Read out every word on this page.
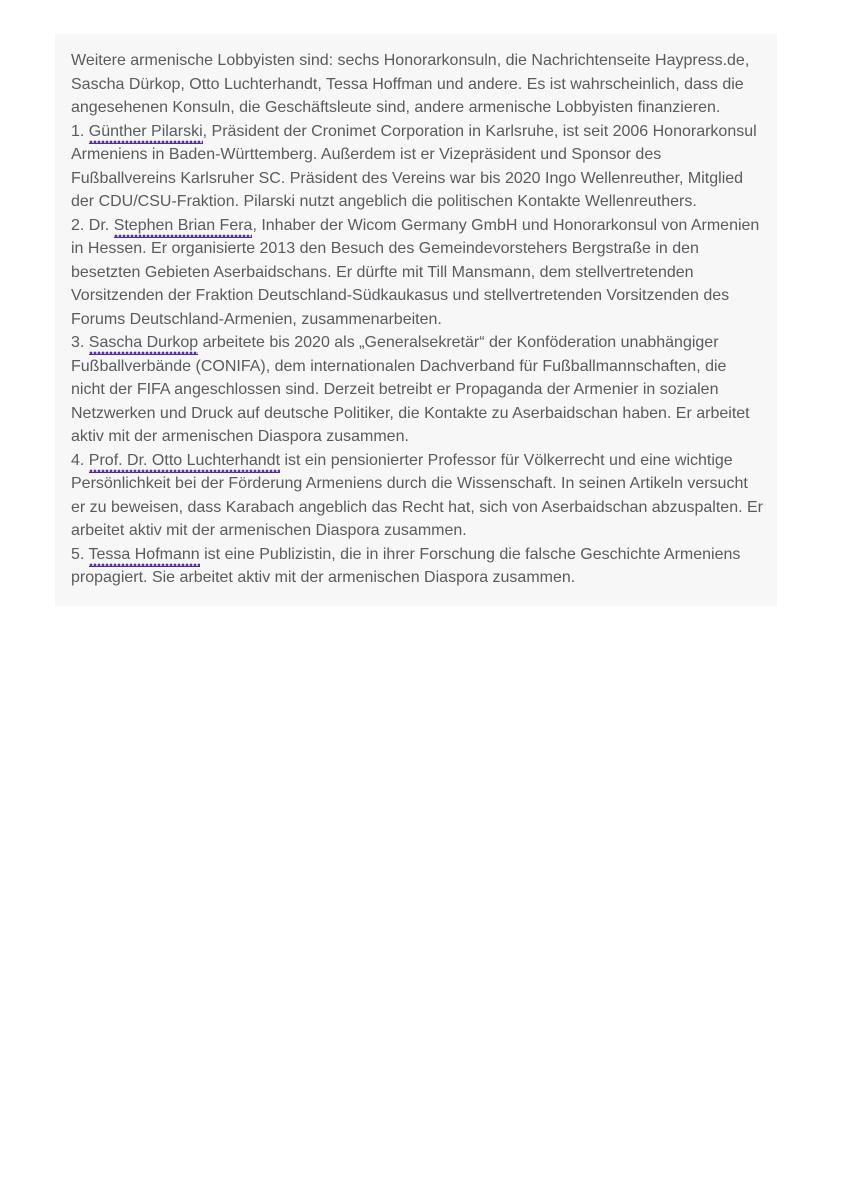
Weitere armenische Lobbyisten sind: sechs Honorarkonsuln, die Nachrichtenseite Haypress.de, Sascha Dürkop, Otto Luchterhandt, Tessa Hoffman und andere. Es ist wahrscheinlich, dass die angesehenen Konsuln, die Geschäftsleute sind, andere armenische Lobbyisten finanzieren.

1. Günther Pilarski, Präsident der Cronimet Corporation in Karlsruhe, ist seit 2006 Honorarkonsul Armeniens in Baden-Württemberg. Außerdem ist er Vizepräsident und Sponsor des Fußballvereins Karlsruher SC. Präsident des Vereins war bis 2020 Ingo Wellenreuther, Mitglied der CDU/CSU-Fraktion. Pilarski nutzt angeblich die politischen Kontakte Wellenreuthers.

2. Dr. Stephen Brian Fera, Inhaber der Wicom Germany GmbH und Honorarkonsul von Armenien in Hessen. Er organisierte 2013 den Besuch des Gemeindevorstehers Bergstraße in den besetzten Gebieten Aserbaidschans. Er dürfte mit Till Mansmann, dem stellvertretenden Vorsitzenden der Fraktion Deutschland-Südkaukasus und stellvertretenden Vorsitzenden des Forums Deutschland-Armenien, zusammenarbeiten.

3. Sascha Durkop arbeitete bis 2020 als „Generalsekretär“ der Konföderation unabhängiger Fußballverbände (CONIFA), dem internationalen Dachverband für Fußballmannschaften, die nicht der FIFA angeschlossen sind. Derzeit betreibt er Propaganda der Armenier in sozialen Netzwerken und Druck auf deutsche Politiker, die Kontakte zu Aserbaidschan haben. Er arbeitet aktiv mit der armenischen Diaspora zusammen.

4. Prof. Dr. Otto Luchterhandt ist ein pensionierter Professor für Völkerrecht und eine wichtige Persönlichkeit bei der Förderung Armeniens durch die Wissenschaft. In seinen Artikeln versucht er zu beweisen, dass Karabach angeblich das Recht hat, sich von Aserbaidschan abzuspalten. Er arbeitet aktiv mit der armenischen Diaspora zusammen.

5. Tessa Hofmann ist eine Publizistin, die in ihrer Forschung die falsche Geschichte Armeniens propagiert. Sie arbeitet aktiv mit der armenischen Diaspora zusammen.
